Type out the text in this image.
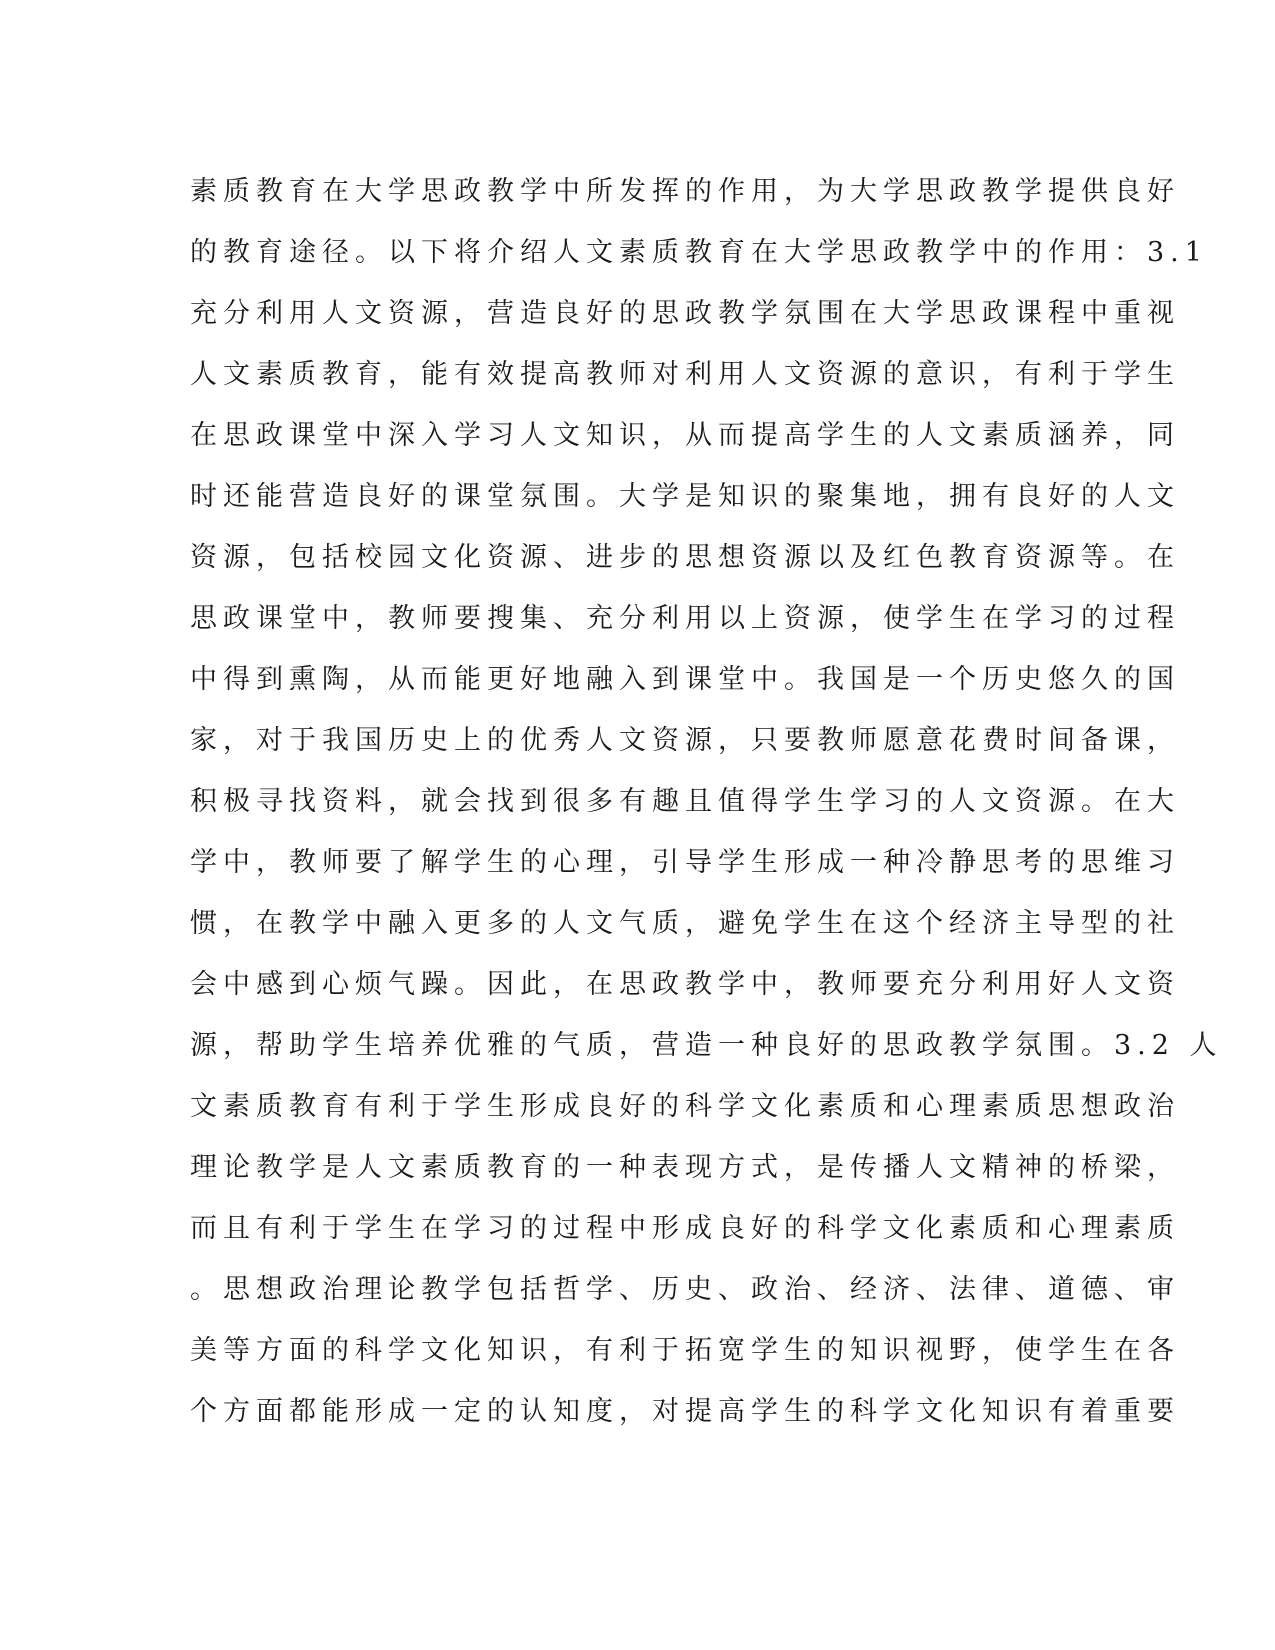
素质教育在大学思政教学中所发挥的作用，为大学思政教学提供良好
的教育途径。以下将介绍人文素质教育在大学思政教学中的作用：3.1
充分利用人文资源，营造良好的思政教学氛围在大学思政课程中重视
人文素质教育，能有效提高教师对利用人文资源的意识，有利于学生
在思政课堂中深入学习人文知识，从而提高学生的人文素质涵养，同
时还能营造良好的课堂氛围。大学是知识的聚集地，拥有良好的人文
资源，包括校园文化资源、进步的思想资源以及红色教育资源等。在
思政课堂中，教师要搜集、充分利用以上资源，使学生在学习的过程
中得到熏陶，从而能更好地融入到课堂中。我国是一个历史悠久的国
家，对于我国历史上的优秀人文资源，只要教师愿意花费时间备课，
积极寻找资料，就会找到很多有趣且值得学生学习的人文资源。在大
学中，教师要了解学生的心理，引导学生形成一种冷静思考的思维习
惯，在教学中融入更多的人文气质，避免学生在这个经济主导型的社
会中感到心烦气躁。因此，在思政教学中，教师要充分利用好人文资
源，帮助学生培养优雅的气质，营造一种良好的思政教学氛围。3.2 人
文素质教育有利于学生形成良好的科学文化素质和心理素质思想政治
理论教学是人文素质教育的一种表现方式，是传播人文精神的桥梁，
而且有利于学生在学习的过程中形成良好的科学文化素质和心理素质
。思想政治理论教学包括哲学、历史、政治、经济、法律、道德、审
美等方面的科学文化知识，有利于拓宽学生的知识视野，使学生在各
个方面都能形成一定的认知度，对提高学生的科学文化知识有着重要
